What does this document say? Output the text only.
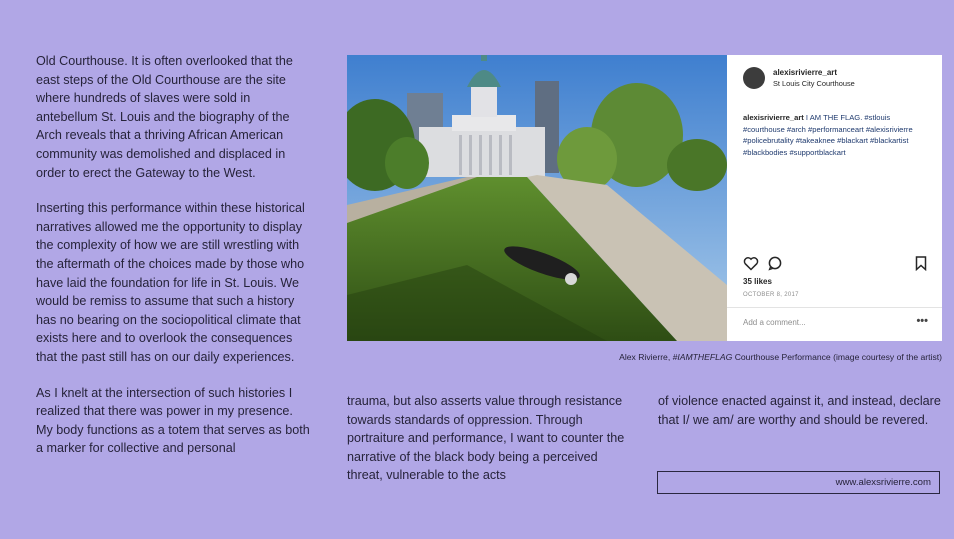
Old Courthouse. It is often overlooked that the east steps of the Old Courthouse are the site where hundreds of slaves were sold in antebellum St. Louis and the biography of the Arch reveals that a thriving African American community was demolished and displaced in order to erect the Gateway to the West.

Inserting this performance within these historical narratives allowed me the opportunity to display the complexity of how we are still wrestling with the aftermath of the choices made by those who have laid the foundation for life in St. Louis. We would be remiss to assume that such a history has no bearing on the sociopolitical climate that exists here and to overlook the consequences that the past still has on our daily experiences.

As I knelt at the intersection of such histories I realized that there was power in my presence. My body functions as a totem that serves as both a marker for collective and personal

alexisrivierre_art
St Louis City Courthouse
alexisrivierre_art I AM THE FLAG. #stlouis #courthouse #arch #performanceart #alexisrivierre #policebrutality #takeaknee #blackart #blackartist #blackbodies #supportblackart
35 likes
OCTOBER 8, 2017
Add a comment...	•••
Alex Rivierre, #IAMTHEFLAG Courthouse Performance (image courtesy of the artist)

trauma, but also asserts value through resistance towards standards of oppression. Through portraiture and performance, I want to counter the narrative of the black body being a perceived threat, vulnerable to the acts

of violence enacted against it, and instead, declare that I/ we am/ are worthy and should be revered.

www.alexsrivierre.com
